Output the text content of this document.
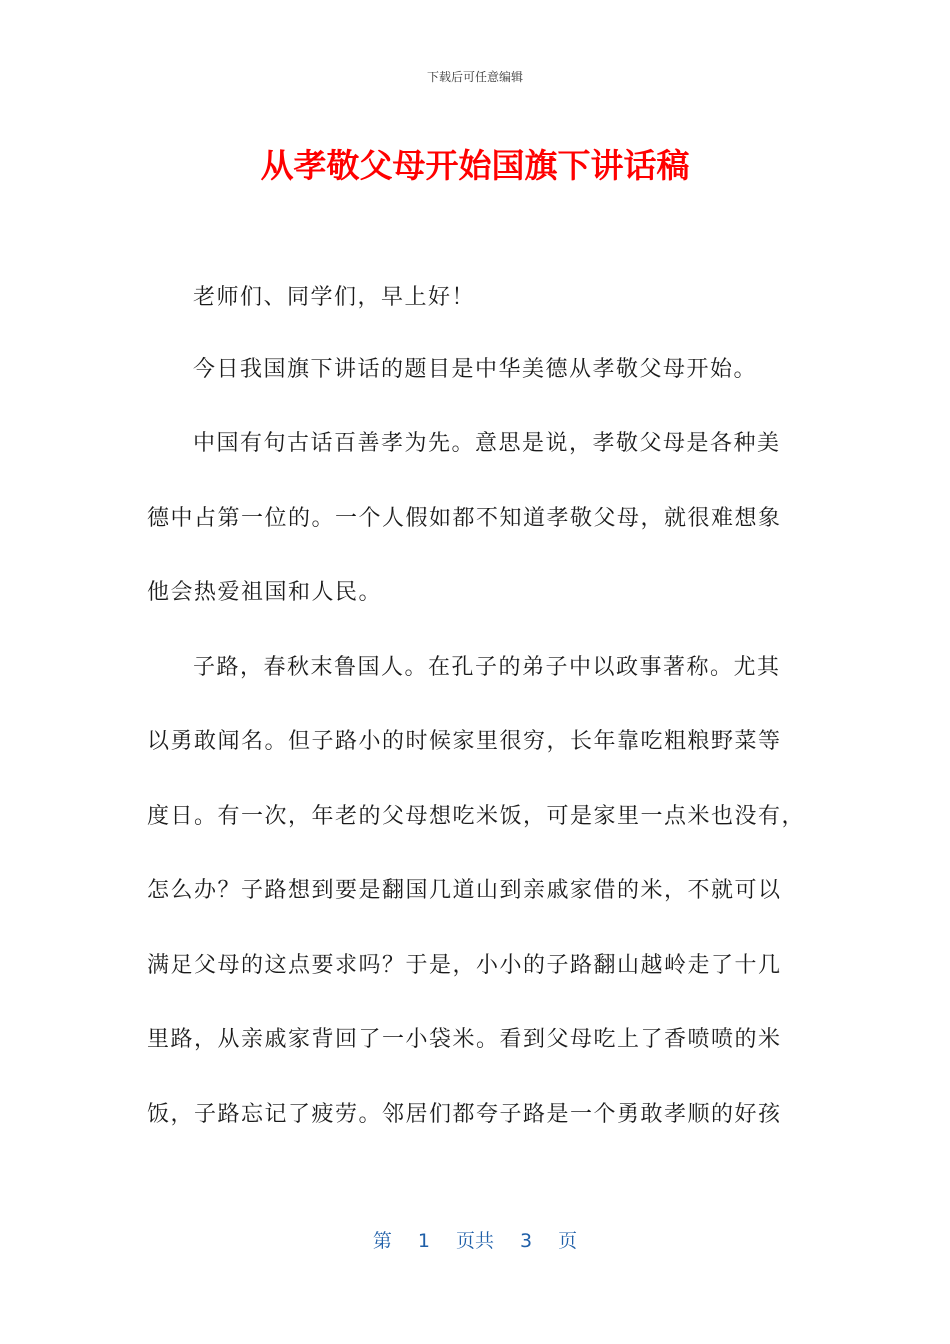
下载后可任意编辑
从孝敬父母开始国旗下讲话稿
老师们、同学们，早上好！
今日我国旗下讲话的题目是中华美德从孝敬父母开始。
中国有句古话百善孝为先。意思是说，孝敬父母是各种美
德中占第一位的。一个人假如都不知道孝敬父母，就很难想象
他会热爱祖国和人民。
子路，春秋末鲁国人。在孔子的弟子中以政事著称。尤其
以勇敢闻名。但子路小的时候家里很穷，长年靠吃粗粮野菜等
度日。有一次，年老的父母想吃米饭，可是家里一点米也没有，
怎么办？子路想到要是翻国几道山到亲戚家借的米，不就可以
满足父母的这点要求吗？于是，小小的子路翻山越岭走了十几
里路，从亲戚家背回了一小袋米。看到父母吃上了香喷喷的米
饭，子路忘记了疲劳。邻居们都夸子路是一个勇敢孝顺的好孩
第 1 页共 3 页
